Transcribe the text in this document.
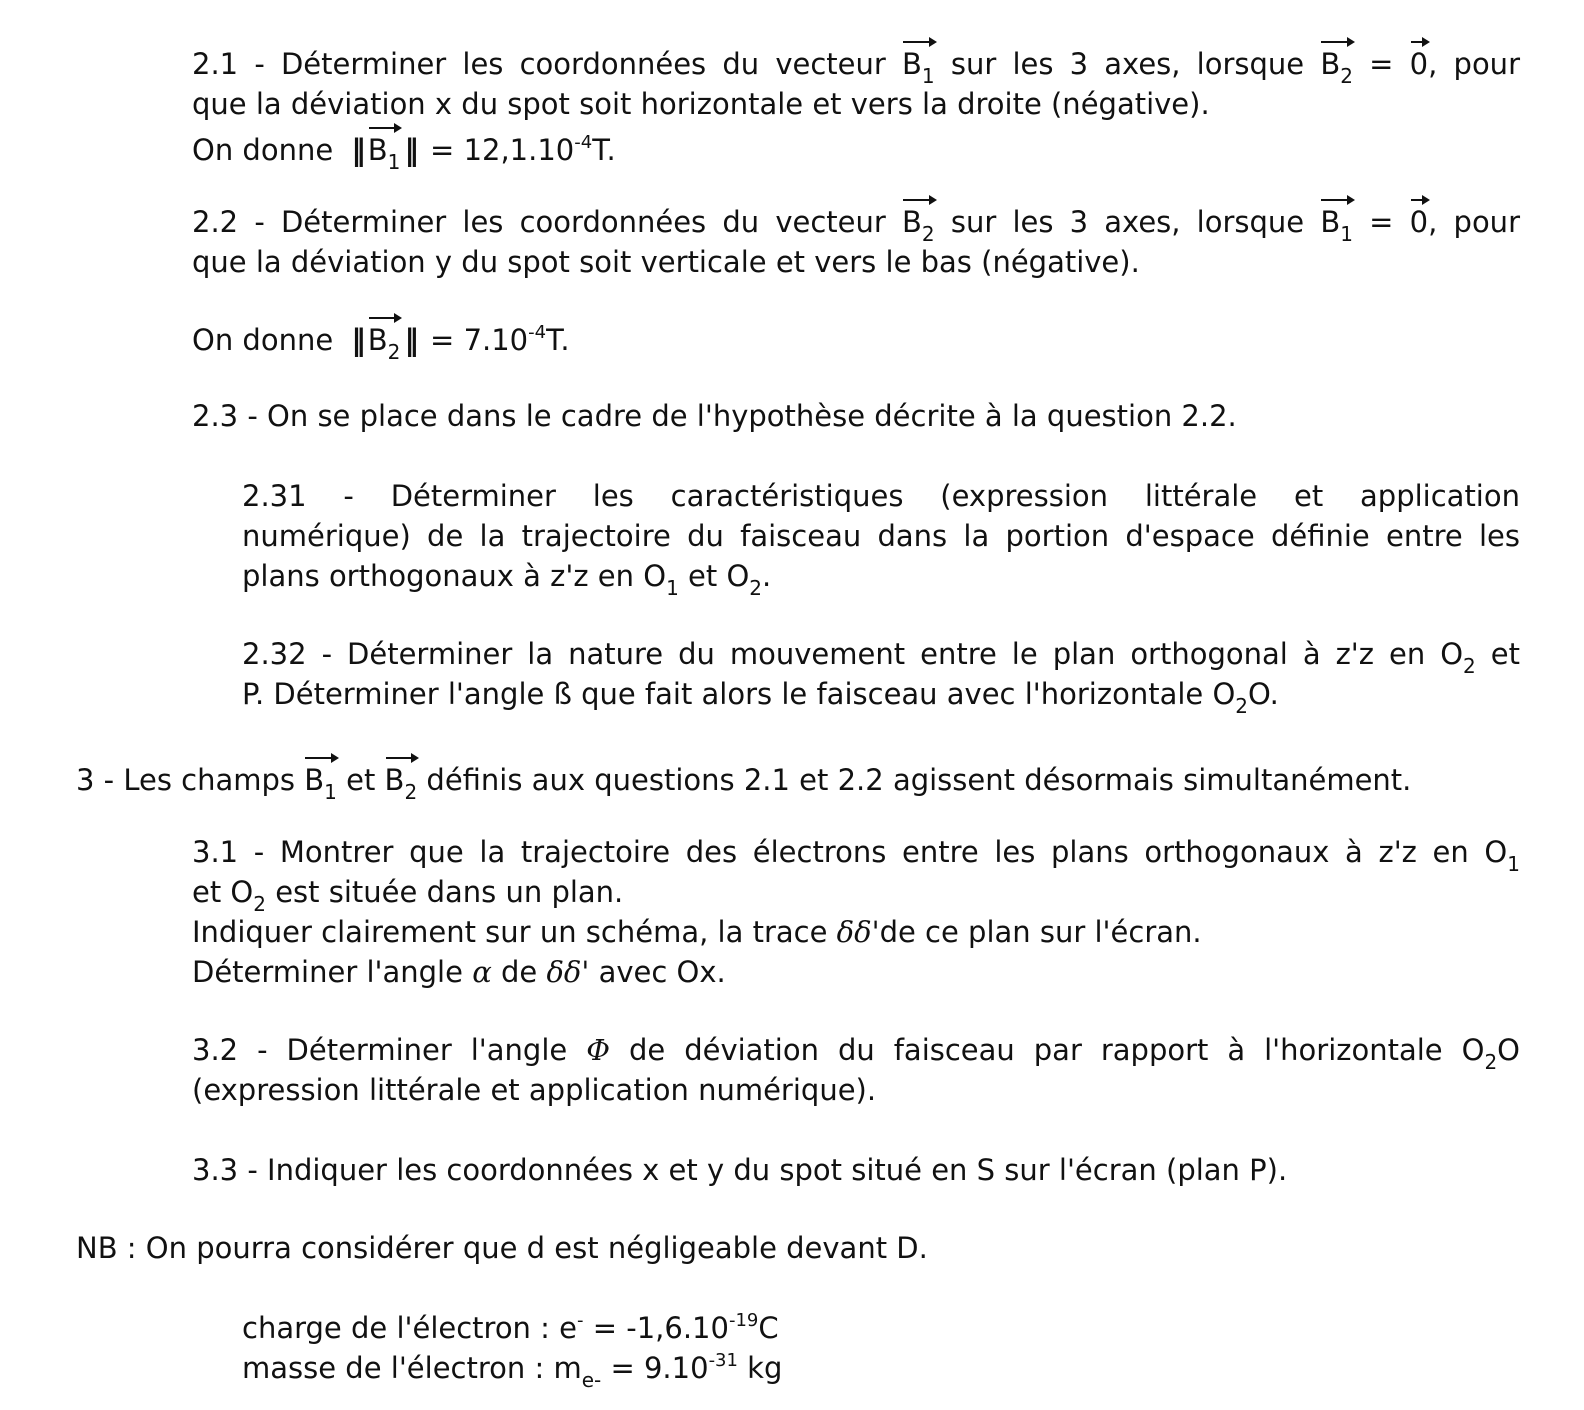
2.1 - Déterminer les coordonnées du vecteur $B_1$ sur les 3 axes, lorsque $B_2 = 0$, pour
que la déviation x du spot soit horizontale et vers la droite (négative).
On donne ‖ $B_1$ ‖ = $12,1.10^{-4}T$.
2.2 - Déterminer les coordonnées du vecteur $B_2$ sur les 3 axes, lorsque $B_1 = 0$, pour
que la déviation y du spot soit verticale et vers le bas (négative).
On donne ‖ $B_2$ ‖ = $7.10^{-4}T$.
2.3 - On se place dans le cadre de l'hypothèse décrite à la question 2.2.
2.31 - Déterminer les caractéristiques (expression littérale et application
numérique) de la trajectoire du faisceau dans la portion d'espace définie entre les
plans orthogonaux à z'z en $O_1$ et $O_2$.
2.32 - Déterminer la nature du mouvement entre le plan orthogonal à z'z en $O_2$ et
P. Déterminer l'angle ß que fait alors le faisceau avec l'horizontale $O_2O$.
3 - Les champs $B_1$ et $B_2$ définis aux questions 2.1 et 2.2 agissent désormais simultanément.
3.1 - Montrer que la trajectoire des électrons entre les plans orthogonaux à z'z en $O_1$
et $O_2$ est située dans un plan.
Indiquer clairement sur un schéma, la trace δδ'de ce plan sur l'écran.
Déterminer l'angle α de δδ' avec Ox.
3.2 - Déterminer l'angle Φ de déviation du faisceau par rapport à l'horizontale $O_2O$
(expression littérale et application numérique).
3.3 - Indiquer les coordonnées x et y du spot situé en S sur l'écran (plan P).
NB : On pourra considérer que d est négligeable devant D.
charge de l'électron : $e^- = -1,6.10^{-19}C$
masse de l'électron : $m_{e-} = 9.10^{-31}$ kg
